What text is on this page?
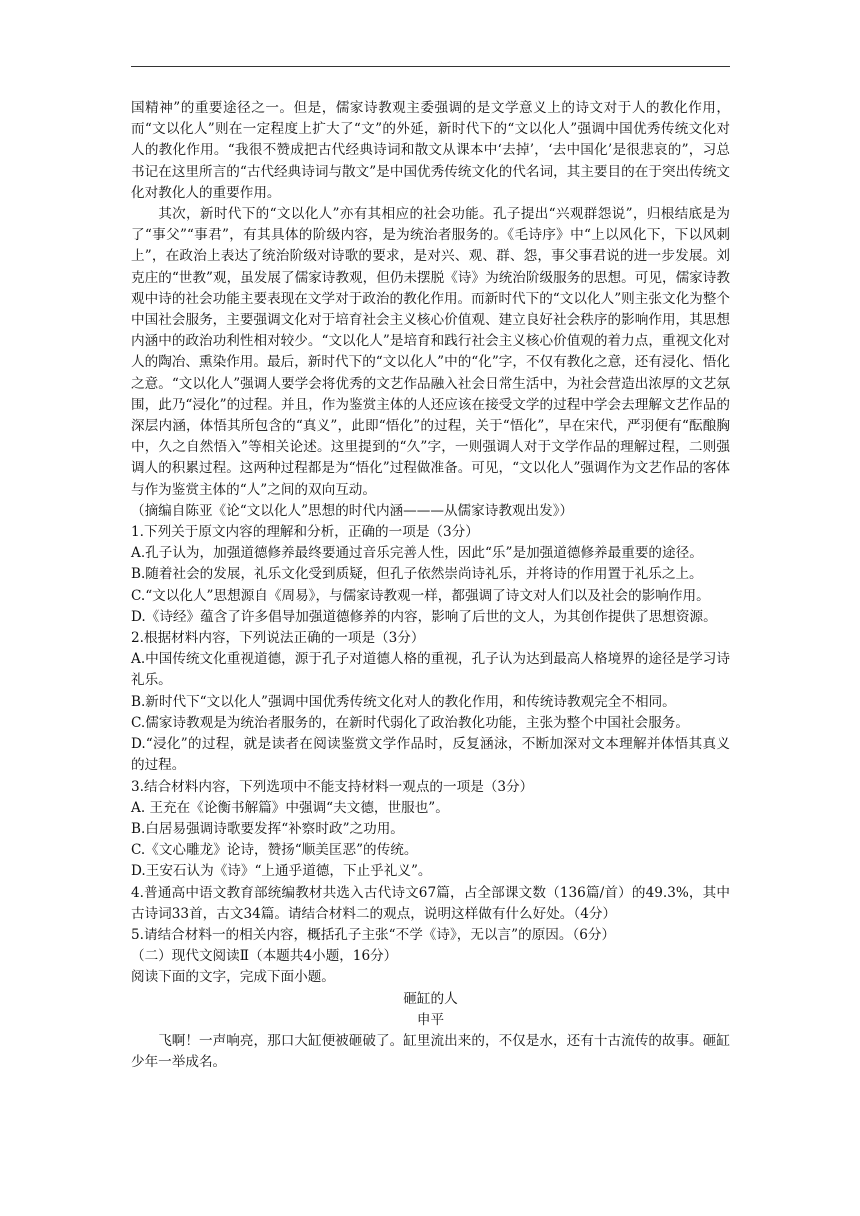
国精神”的重要途径之一。但是，儒家诗教观主委强调的是文学意义上的诗文对于人的教化作用，而“文以化人”则在一定程度上扩大了“文”的外延，新时代下的“文以化人”强调中国优秀传统文化对人的教化作用。“我很不赞成把古代经典诗词和散文从课本中‘去掉’，‘去中国化’是很悲哀的”，习总书记在这里所言的“古代经典诗词与散文”是中国优秀传统文化的代名词，其主要目的在于突出传统文化对教化人的重要作用。

其次，新时代下的“文以化人”亦有其相应的社会功能。孔子提出“兴观群怨说”，归根结底是为了“事父”“事君”，有其具体的阶级内容，是为统治者服务的。《毛诗序》中“上以风化下，下以风刺上”，在政治上表达了统治阶级对诗歌的要求，是对兴、观、群、怨，事父事君说的进一步发展。刘克庄的“世教”观，虽发展了儒家诗教观，但仍未摆脱《诗》为统治阶级服务的思想。可见，儒家诗教观中诗的社会功能主要表现在文学对于政治的教化作用。而新时代下的“文以化人”则主张文化为整个中国社会服务，主要强调文化对于培育社会主义核心价值观、建立良好社会秩序的影响作用，其思想内涵中的政治功利性相对较少。“文以化人”是培育和践行社会主义核心价值观的着力点，重视文化对人的陶冶、熏染作用。最后，新时代下的“文以化人”中的“化”字，不仅有教化之意，还有浸化、悟化之意。“文以化人”强调人要学会将优秀的文艺作品融入社会日常生活中，为社会营造出浓厚的文艺氛围，此乃“浸化”的过程。并且，作为鉴赏主体的人还应该在接受文学的过程中学会去理解文艺作品的深层内涵，体悟其所包含的“真义”，此即“悟化”的过程，关于“悟化”，早在宋代，严羽便有“酝酿胸中，久之自然悟入”等相关论述。这里提到的“久”字，一则强调人对于文学作品的理解过程，二则强调人的积累过程。这两种过程都是为“悟化”过程做准备。可见，“文以化人”强调作为文艺作品的客体与作为鉴赏主体的“人”之间的双向互动。

（摘编自陈亚《论“文以化人”思想的时代内涵———从儒家诗教观出发》）

1.下列关于原文内容的理解和分析，正确的一项是（3分）

A.孔子认为，加强道德修养最终要通过音乐完善人性，因此“乐”是加强道德修养最重要的途径。

B.随着社会的发展，礼乐文化受到质疑，但孔子依然崇尚诗礼乐，并将诗的作用置于礼乐之上。

C.“文以化人”思想源自《周易》，与儒家诗教观一样，都强调了诗文对人们以及社会的影响作用。

D.《诗经》蕴含了许多倡导加强道德修养的内容，影响了后世的文人，为其创作提供了思想资源。

2.根据材料内容，下列说法正确的一项是（3分）

A.中国传统文化重视道德，源于孔子对道德人格的重视，孔子认为达到最高人格境界的途径是学习诗礼乐。

B.新时代下“文以化人”强调中国优秀传统文化对人的教化作用，和传统诗教观完全不相同。

C.儒家诗教观是为统治者服务的，在新时代弱化了政治教化功能，主张为整个中国社会服务。

D.“浸化”的过程，就是读者在阅读鉴赏文学作品时，反复涵泳，不断加深对文本理解并体悟其真义的过程。

3.结合材料内容，下列选项中不能支持材料一观点的一项是（3分）

A. 王充在《论衡书解篇》中强调“夫文德，世服也”。

B.白居易强调诗歌要发挥“补察时政”之功用。

C.《文心雕龙》论诗，赞扬“顺美匡恶”的传统。

D.王安石认为《诗》“上通乎道德，下止乎礼义”。

4.普通高中语文教育部统编教材共选入古代诗文67篇，占全部课文数（136篇/首）的49.3%，其中古诗词33首，古文34篇。请结合材料二的观点，说明这样做有什么好处。（4分）

5.请结合材料一的相关内容，概括孔子主张“不学《诗》，无以言”的原因。（6分）

（二）现代文阅读Ⅱ（本题共4小题，16分）

阅读下面的文字，完成下面小题。

砸缸的人

申平

飞啊！一声响亮，那口大缸便被砸破了。缸里流出来的，不仅是水，还有十古流传的故事。砸缸少年一举成名。
